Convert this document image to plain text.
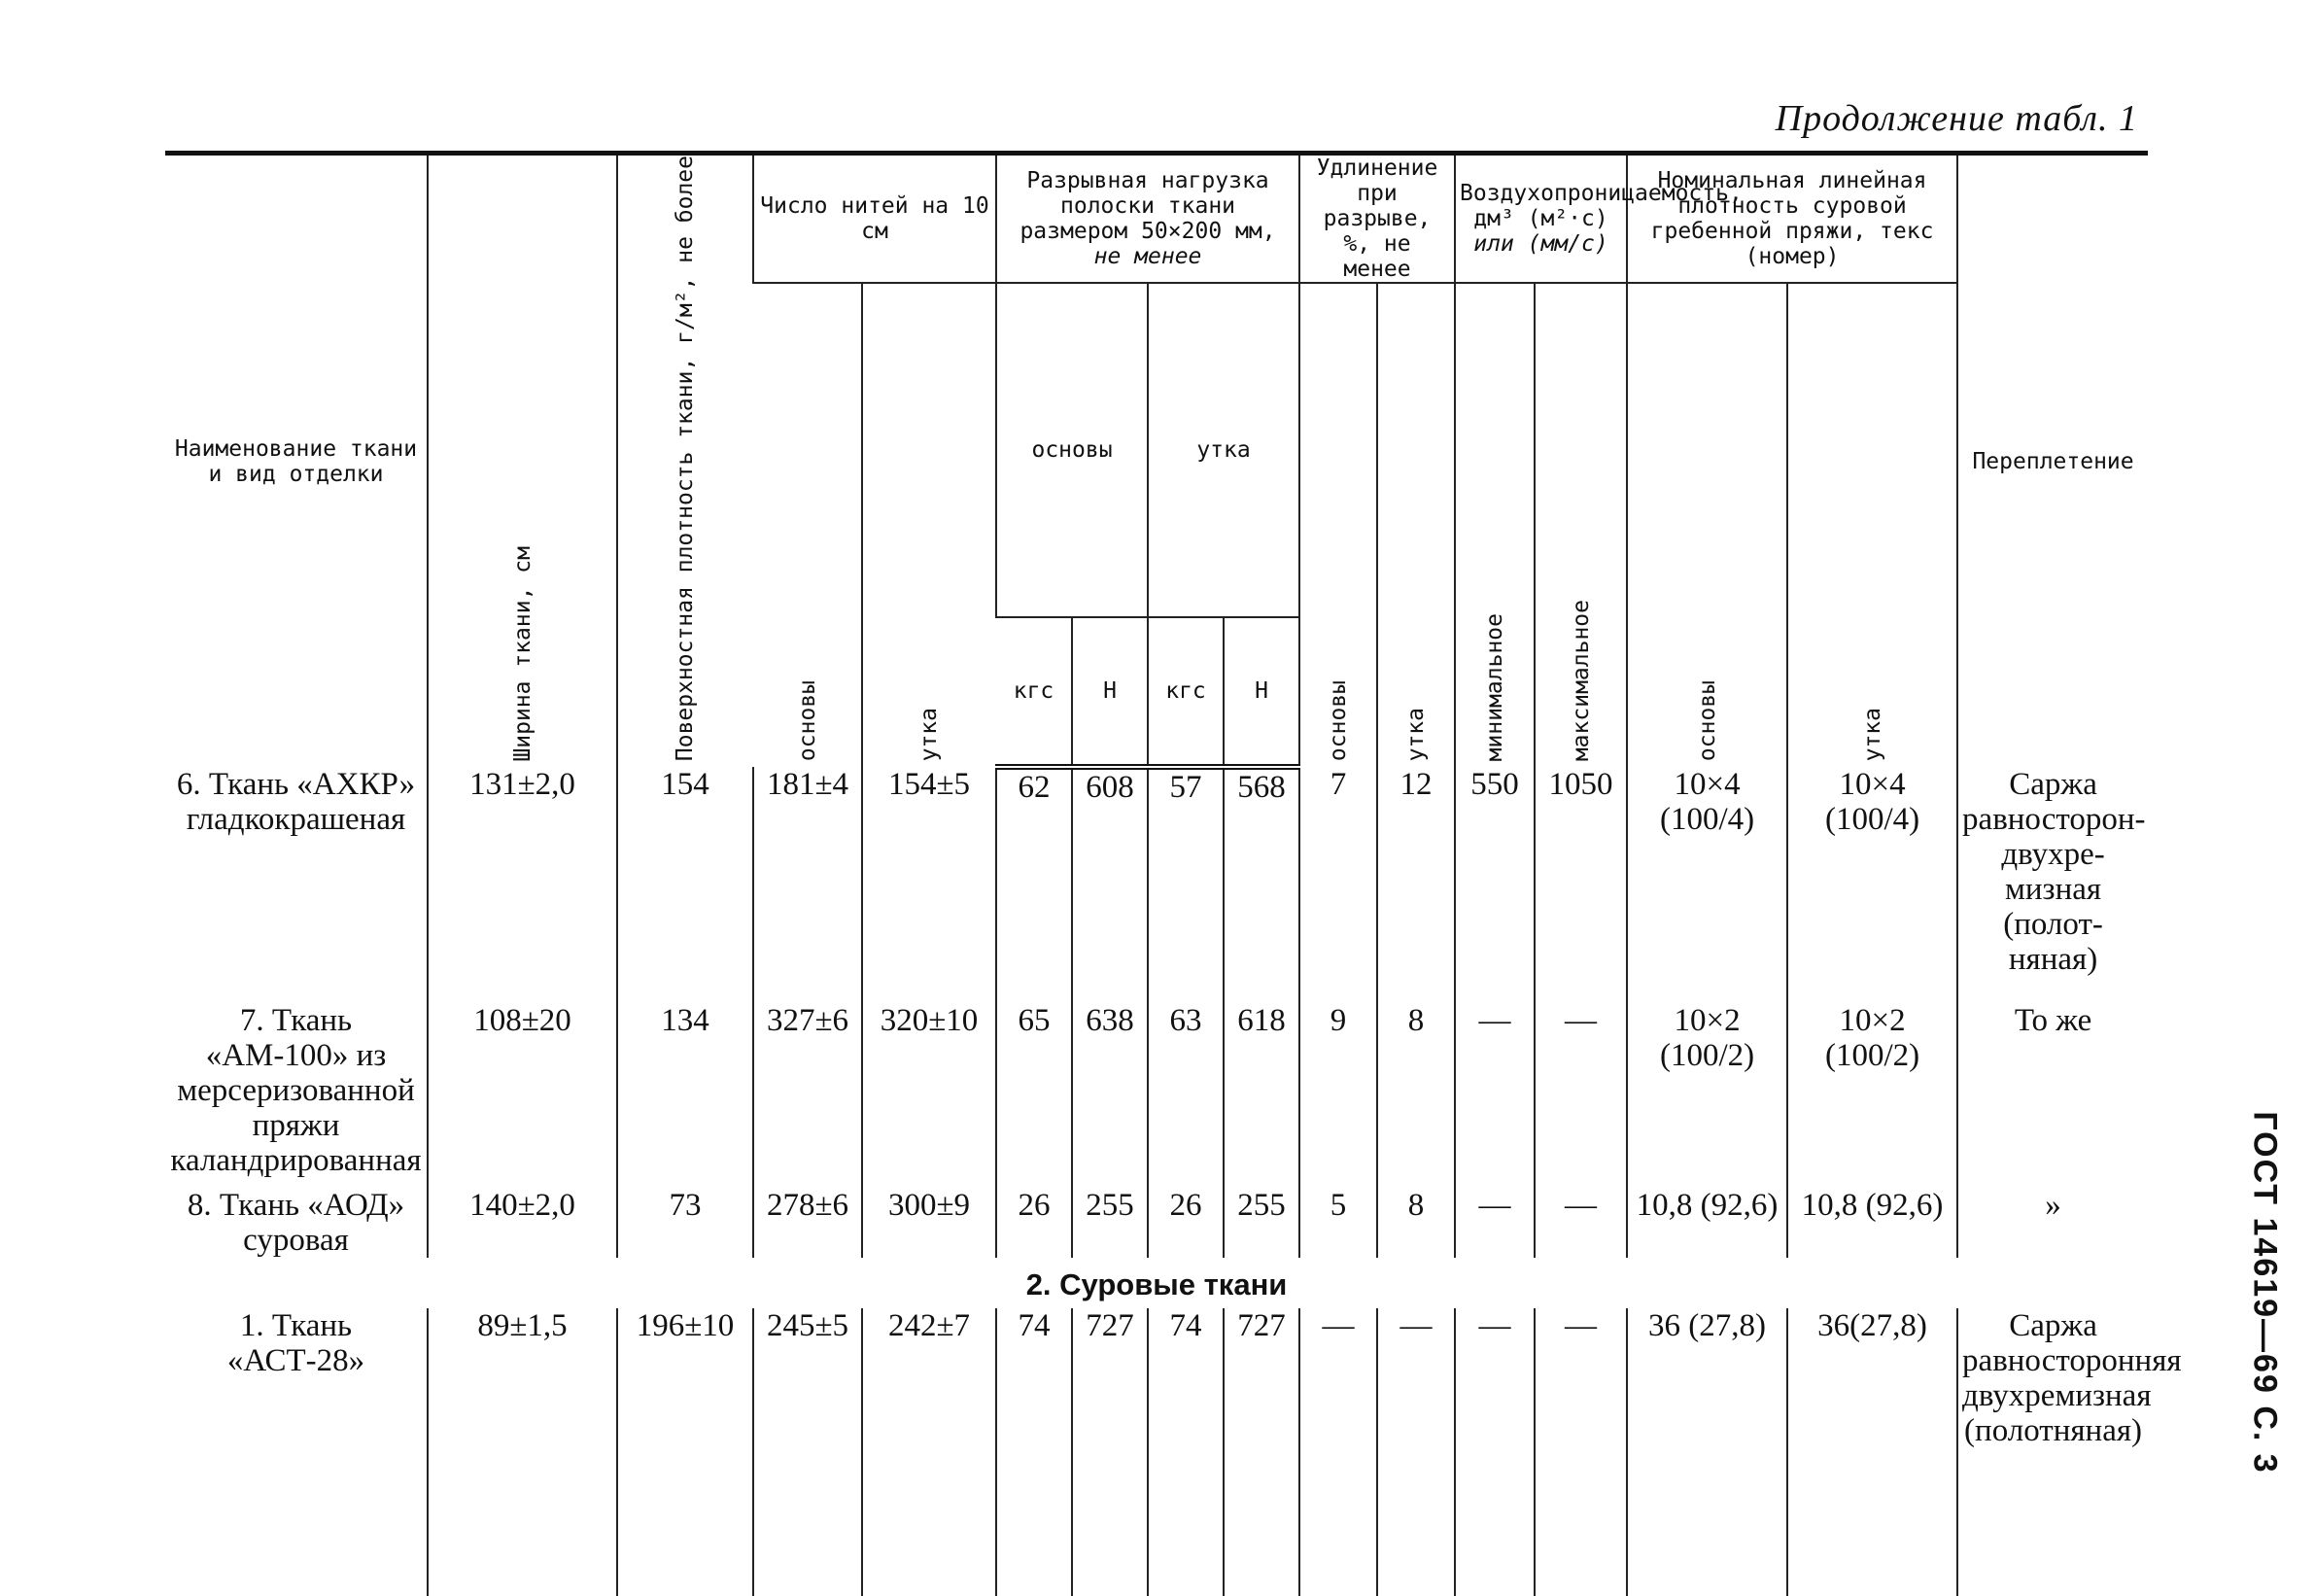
Продолжение табл. 1
ГОСТ 14619—69 С. 3
Наименование ткани и вид отделки	Ширина ткани, см	Поверхностная плотность ткани, г/м², не более	Число нитей на 10 см		Разрывная нагрузка полоски ткани размером 50×200 мм,
не менее				Удлинение при разрыве, %, не менее		Воздухопроницаемость, дм³ (м²·с)
или (мм/с)		Номинальная линейная плотность суровой гребенной пряжи, текс (номер)		Переплетение
			основы	утка	основы		утка		основы	утка	минимальное	максимальное	основы	утка	
					кгс	Н	кгс	Н							
6. Ткань «АХКР» гладкокрашеная	131±2,0	154	181±4	154±5	62	608	57	568	7	12	550	1050	10×4 (100/4)	10×4 (100/4)	Саржа равносторон- двухре- мизная (полот- няная)
7. Ткань «АМ-100» из мерсеризованной пряжи каландрированная	108±20	134	327±6	320±10	65	638	63	618	9	8	—	—	10×2 (100/2)	10×2 (100/2)	То же
8. Ткань «АОД» суровая	140±2,0	73	278±6	300±9	26	255	26	255	5	8	—	—	10,8 (92,6)	10,8 (92,6)	»
2. Суровые ткани															
1. Ткань «АСТ-28»	89±1,5	196±10	245±5	242±7	74	727	74	727	—	—	—	—	36 (27,8)	36(27,8)	Саржа равносторонняя двухремизная (полотняная)
